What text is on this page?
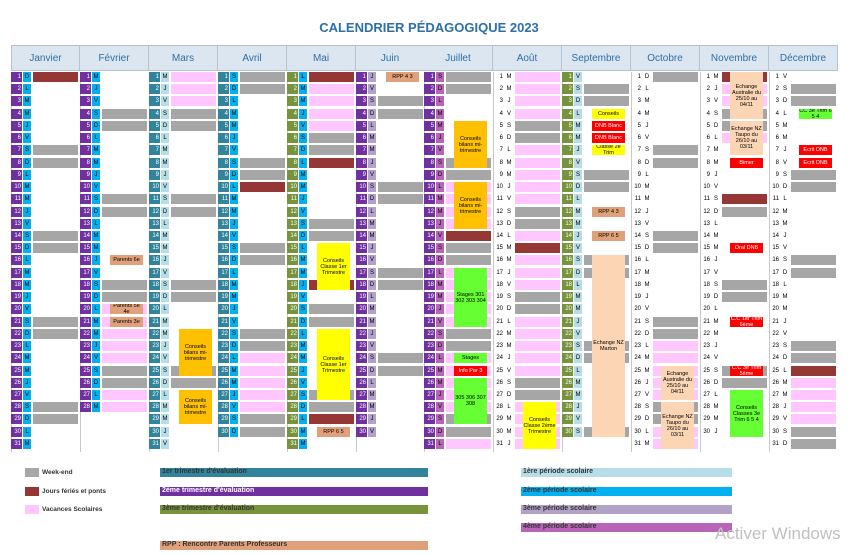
CALENDRIER PÉDAGOGIQUE 2023
Janvier
1 D
2 L
3 M
4 M
5 J
6 V
7 S
8 D
9 L
10 M
11 M
12 J
13 V
14 S
15 D
16 L
17 M
18 M
19 J
20 V
21 S
22 D
23 L
24 M
25 M
26 J
27 V
28 S
29 D
30 L
31 M
Février
1 M
2 J
3 V
4 S
5 D
6 L
7 M
8 M
9 J
10 V
11 S
12 D
13 L
14 M
15 M
16 J
17 V
18 S
19 D
20 L
21 M
22 M
23 J
24 V
25 S
26 D
27 L
28 M
Mars
1 M
2 J
3 V
4 S
5 D
6 L
7 M
8 M
9 J
10 V
11 S
12 D
13 L
14 M
15 M
16 J
17 V
18 S
19 D
20 L
21 M
22 M
23 J
24 V
25 S
26 D
27 L
28 M
29 M
30 J
31 V
Avril
1 S
2 D
3 L
4 M
5 M
6 J
7 V
8 S
9 D
10 L
11 M
12 M
13 J
14 V
15 S
16 D
17 L
18 M
19 M
20 J
21 V
22 S
23 D
24 L
25 M
26 M
27 J
28 V
29 S
30 D
Mai
1 L
2 M
3 M
4 J
5 V
6 S
7 D
8 L
9 M
10 M
11 J
12 V
13 S
14 D
15 L
16 M
17 M
18 J
19 V
20 S
21 D
22 L
23 M
24 M
25 J
26 V
27 S
28 D
29 L
30 M
31 M
Juin
1 J
2 V
3 S
4 D
5 L
6 M
7 M
8 J
9 V
10 S
11 D
12 L
13 M
14 M
15 J
16 V
17 S
18 D
19 L
20 M
21 M
22 J
23 V
24 S
25 D
26 L
27 M
28 M
29 J
30 V
Juillet
1 S
2 D
3 L
4 M
5 M
6 J
7 V
8 S
9 D
10 L
11 M
12 M
13 J
14 V
15 S
16 D
17 L
18 M
19 M
20 J
21 V
22 S
23 D
24 L
25 M
26 M
27 J
28 V
29 S
30 D
31 L
Août
1 M
2 M
3 J
4 V
5 S
6 D
7 L
8 M
9 M
10 J
11 V
12 S
13 D
14 L
15 M
16 M
17 J
18 V
19 S
20 D
21 L
22 M
23 M
24 J
25 V
26 S
27 D
28 L
29 M
30 M
31 J
Septembre
1 V
2 S
3 D
4 L
5 M
6 M
7 J
8 V
9 S
10 D
11 L
12 M
13 M
14 J
15 V
16 S
17 D
18 L
19 M
20 M
21 J
22 V
23 S
24 D
25 L
26 M
27 M
28 J
29 V
30 S
Octobre
1 D
2 L
3 M
4 M
5 J
6 V
7 S
8 D
9 L
10 M
11 M
12 J
13 V
14 S
15 D
16 L
17 M
18 M
19 J
20 V
21 S
22 D
23 L
24 M
25 M
26 J
27 V
28 S
29 D
30 L
31 M
Novembre
1 M
2 J
3 V
4 S
5 D
6 L
7 M
8 M
9 J
10 V
11 S
12 D
13 L
14 M
15 M
16 J
17 V
18 S
19 D
20 L
21 M
22 M
23 J
24 V
25 S
26 D
27 L
28 M
29 M
30 J
Décembre
1 V
2 S
3 D
4 L
5 M
6 M
7 J
8 V
9 S
10 D
11 L
12 M
13 M
14 J
15 V
16 S
17 D
18 L
19 M
20 M
21 J
22 V
23 S
24 D
25 L
26 M
27 M
28 J
29 V
30 S
31 D
Parents 6e
Parents 5e 4e
Parents 3e
Conseils bilans mi-trimestre
Conseils bilans mi-trimestre
Conseils Classe 1er Trimestre
Conseils Classe 1er Trimestre
RPP 6 5
RPP 4 3
Conseils bilans mi-trimestre
Conseils bilans mi-trimestre
Stages 301 302 303 304
Stages
Info Par 3
305 306 307 308
Conseils Classe 2ème Trimestre
Conseils
DNB Blanc
DNB Blanc
Classe 2e Trim
RPP 4 3
RPP 6 5
Echange NZ Marton
Echange Australie du 25/10 au 04/11
Echange NZ Taupo du 26/10 au 03/11
Echange Australie du 25/10 au 04/11
Echange NZ Taupo du 26/10 au 03/11
Bimer
Oral DNB
C.C 1er Trim 6ème
C.C 3e Trim 5ème
Conseils Classes 3e Trim 6 5 4
CC 3e Trim 6 5 4
Ecrit DNB
Ecrit DNB
Week-end
Jours fériés et ponts
Vacances Scolaires
1er trimestre d'évaluation
2ème trimestre d'évaluation
3ème trimestre d'évaluation
RPP : Rencontre Parents Professeurs
1ère période scolaire
2ème période scolaire
3ème période scolaire
4ème période scolaire	Activer Windows
